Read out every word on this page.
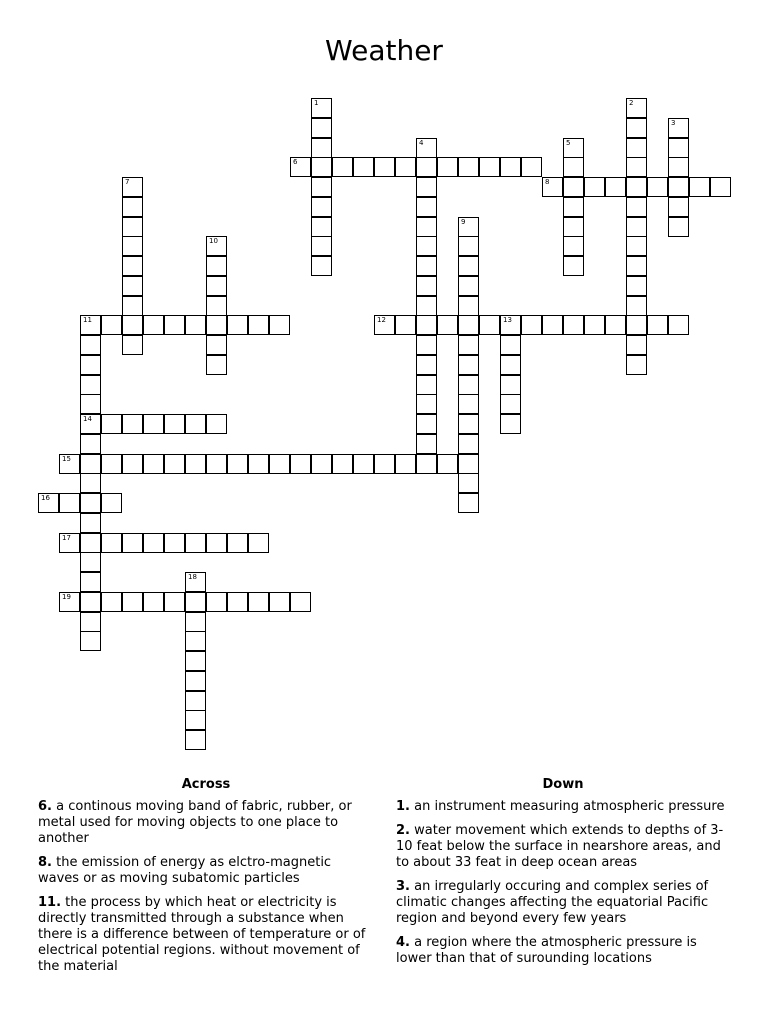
Weather
1	2
3
4	5
6
7	8
9
10
11
14
12	13
15
16
17
18
19
Across
6. a continous moving band of fabric, rubber, or metal used for moving objects to one place to another
8. the emission of energy as elctro-magnetic waves or as moving subatomic particles
11. the process by which heat or electricity is directly transmitted through a substance when there is a difference between of temperature or of electrical potential regions. without movement of the material
Down
1. an instrument measuring atmospheric pressure
2. water movement which extends to depths of 3-10 feat below the surface in nearshore areas, and to about 33 feat in deep ocean areas
3. an irregularly occuring and complex series of climatic changes affecting the equatorial Pacific region and beyond every few years
4. a region where the atmospheric pressure is lower than that of surounding locations
